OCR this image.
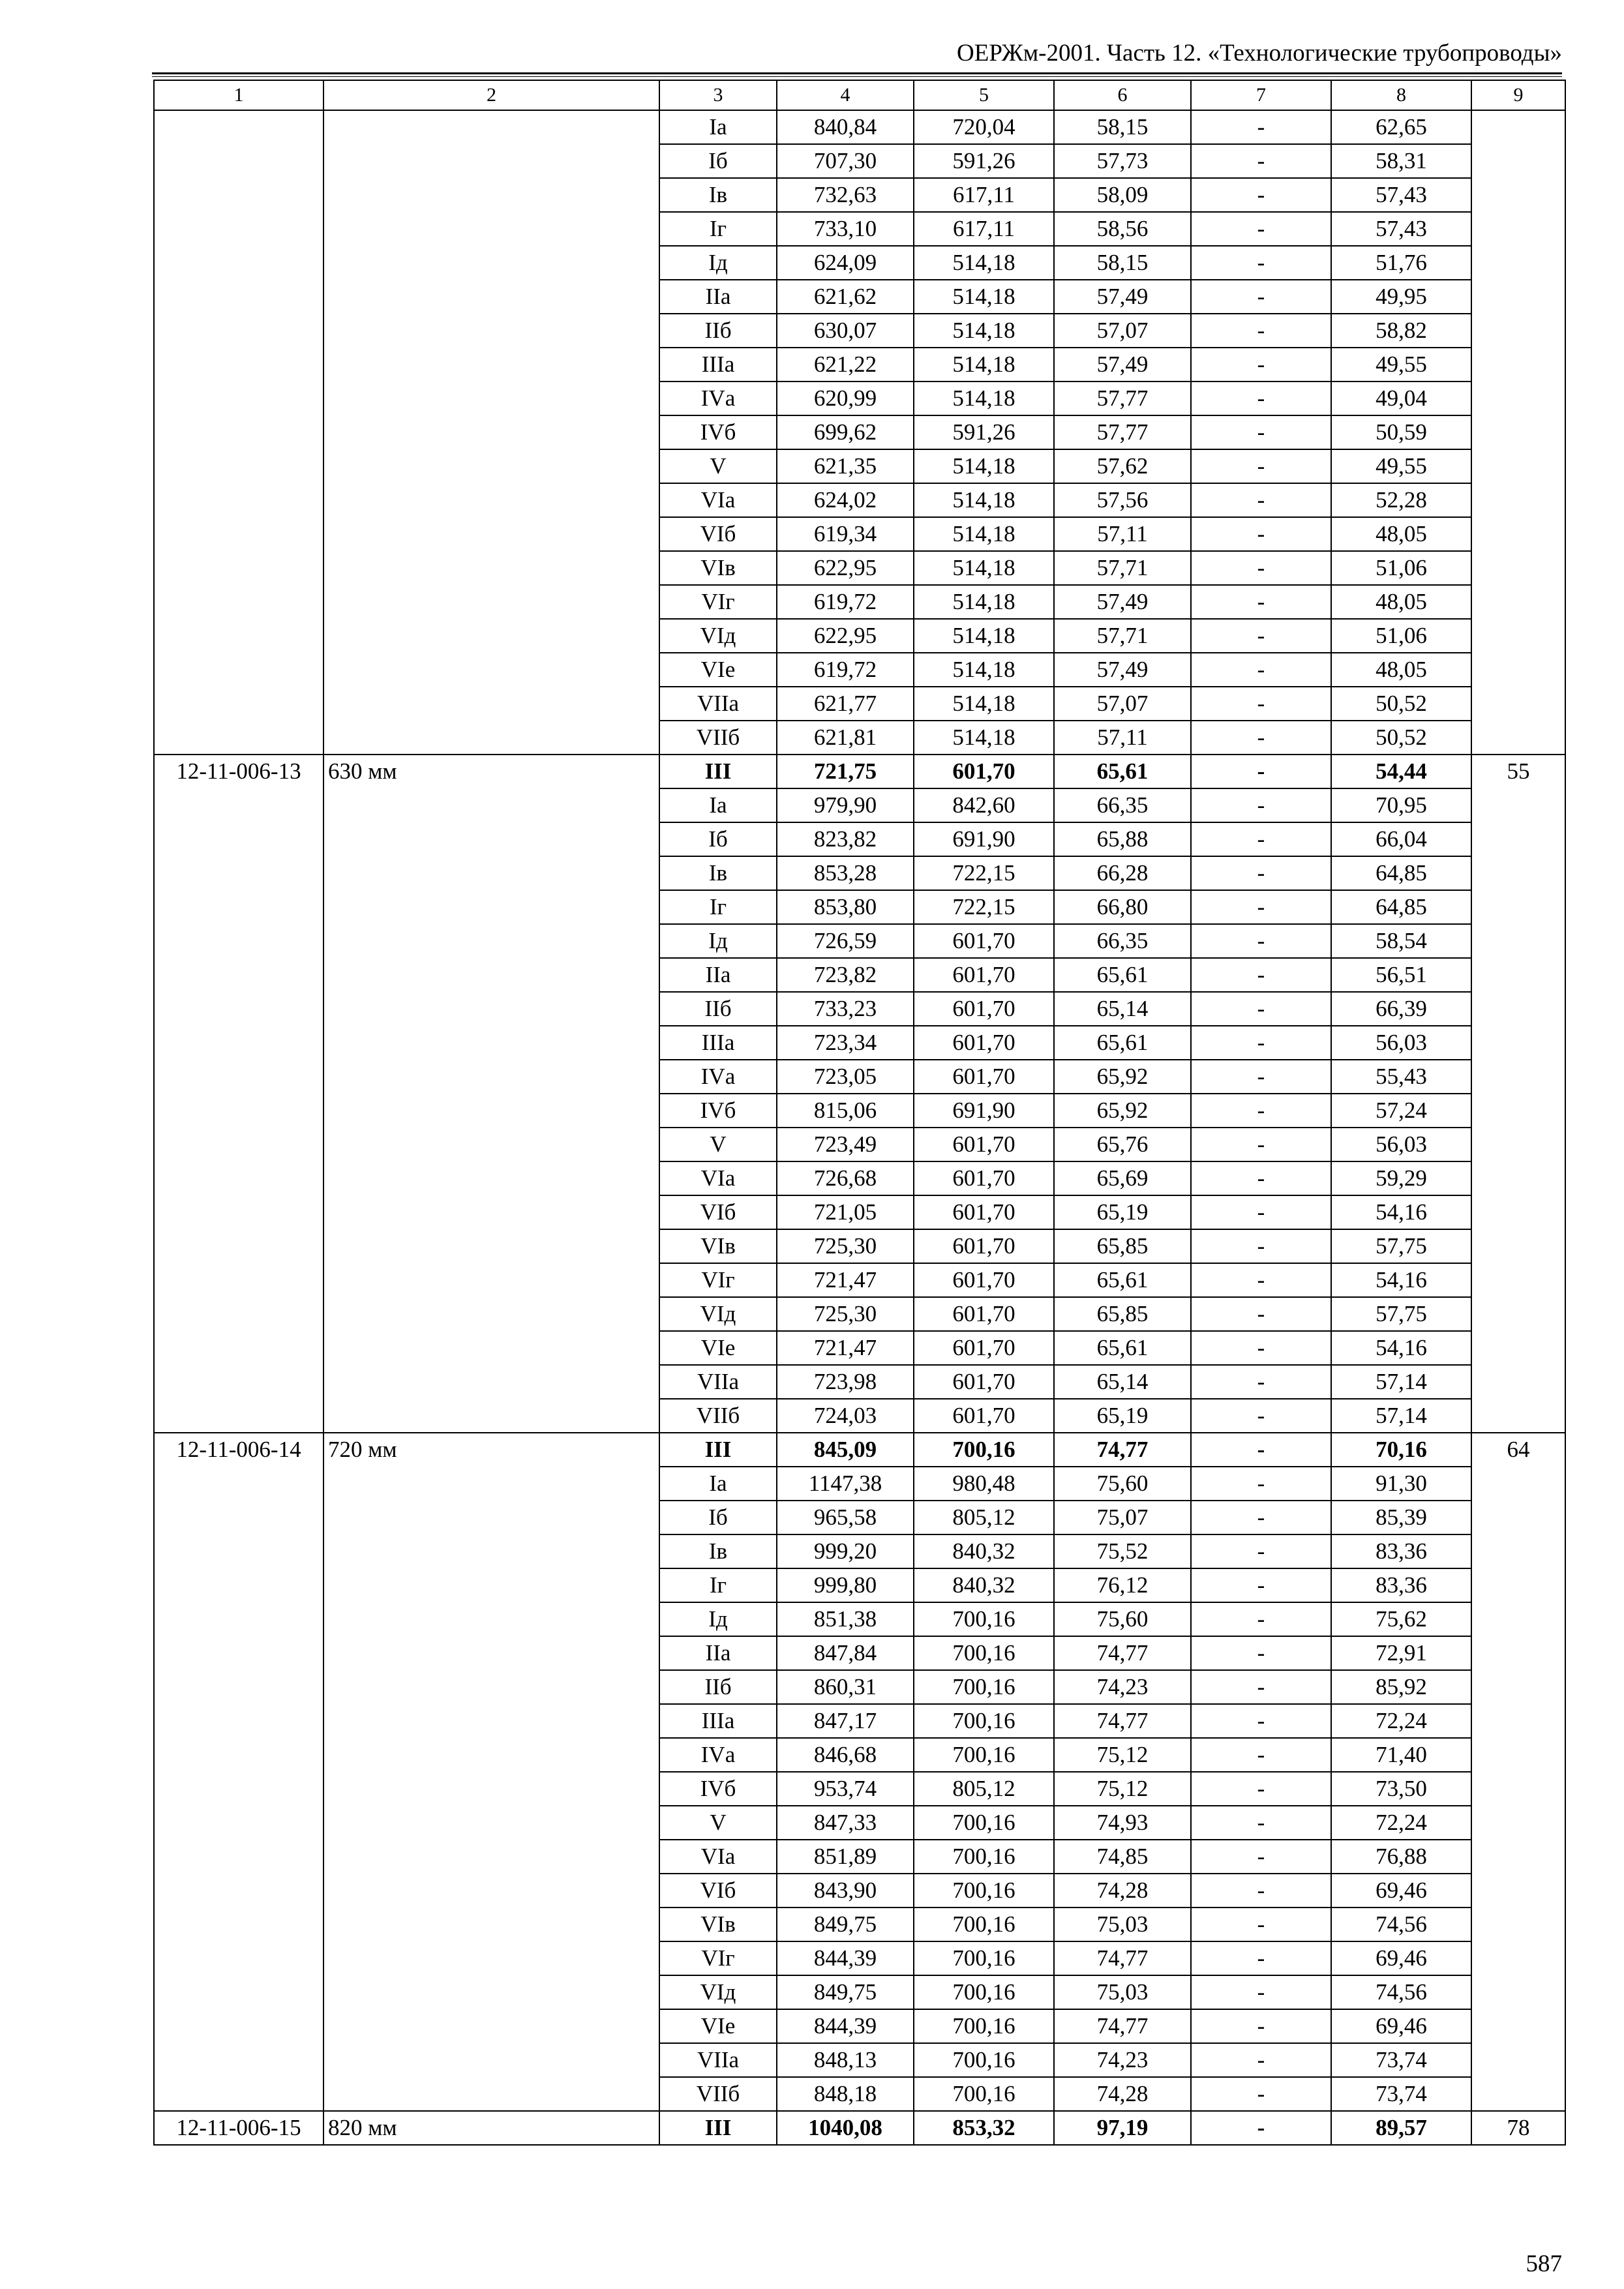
ОЕРЖм-2001. Часть 12. «Технологические трубопроводы»
1	2	3	4	5	6	7	8	9
		Iа	840,84	720,04	58,15	-	62,65	
		Iб	707,30	591,26	57,73	-	58,31	
		Iв	732,63	617,11	58,09	-	57,43	
		Iг	733,10	617,11	58,56	-	57,43	
		Iд	624,09	514,18	58,15	-	51,76	
		IIа	621,62	514,18	57,49	-	49,95	
		IIб	630,07	514,18	57,07	-	58,82	
		IIIа	621,22	514,18	57,49	-	49,55	
		IVа	620,99	514,18	57,77	-	49,04	
		IVб	699,62	591,26	57,77	-	50,59	
		V	621,35	514,18	57,62	-	49,55	
		VIа	624,02	514,18	57,56	-	52,28	
		VIб	619,34	514,18	57,11	-	48,05	
		VIв	622,95	514,18	57,71	-	51,06	
		VIг	619,72	514,18	57,49	-	48,05	
		VIд	622,95	514,18	57,71	-	51,06	
		VIе	619,72	514,18	57,49	-	48,05	
		VIIа	621,77	514,18	57,07	-	50,52	
		VIIб	621,81	514,18	57,11	-	50,52	
12-11-006-13	630 мм	III	721,75	601,70	65,61	-	54,44	55
		Iа	979,90	842,60	66,35	-	70,95	
		Iб	823,82	691,90	65,88	-	66,04	
		Iв	853,28	722,15	66,28	-	64,85	
		Iг	853,80	722,15	66,80	-	64,85	
		Iд	726,59	601,70	66,35	-	58,54	
		IIа	723,82	601,70	65,61	-	56,51	
		IIб	733,23	601,70	65,14	-	66,39	
		IIIа	723,34	601,70	65,61	-	56,03	
		IVа	723,05	601,70	65,92	-	55,43	
		IVб	815,06	691,90	65,92	-	57,24	
		V	723,49	601,70	65,76	-	56,03	
		VIа	726,68	601,70	65,69	-	59,29	
		VIб	721,05	601,70	65,19	-	54,16	
		VIв	725,30	601,70	65,85	-	57,75	
		VIг	721,47	601,70	65,61	-	54,16	
		VIд	725,30	601,70	65,85	-	57,75	
		VIе	721,47	601,70	65,61	-	54,16	
		VIIа	723,98	601,70	65,14	-	57,14	
		VIIб	724,03	601,70	65,19	-	57,14	
12-11-006-14	720 мм	III	845,09	700,16	74,77	-	70,16	64
		Iа	1147,38	980,48	75,60	-	91,30	
		Iб	965,58	805,12	75,07	-	85,39	
		Iв	999,20	840,32	75,52	-	83,36	
		Iг	999,80	840,32	76,12	-	83,36	
		Iд	851,38	700,16	75,60	-	75,62	
		IIа	847,84	700,16	74,77	-	72,91	
		IIб	860,31	700,16	74,23	-	85,92	
		IIIа	847,17	700,16	74,77	-	72,24	
		IVа	846,68	700,16	75,12	-	71,40	
		IVб	953,74	805,12	75,12	-	73,50	
		V	847,33	700,16	74,93	-	72,24	
		VIа	851,89	700,16	74,85	-	76,88	
		VIб	843,90	700,16	74,28	-	69,46	
		VIв	849,75	700,16	75,03	-	74,56	
		VIг	844,39	700,16	74,77	-	69,46	
		VIд	849,75	700,16	75,03	-	74,56	
		VIе	844,39	700,16	74,77	-	69,46	
		VIIа	848,13	700,16	74,23	-	73,74	
		VIIб	848,18	700,16	74,28	-	73,74	
12-11-006-15	820 мм	III	1040,08	853,32	97,19	-	89,57	78
587
